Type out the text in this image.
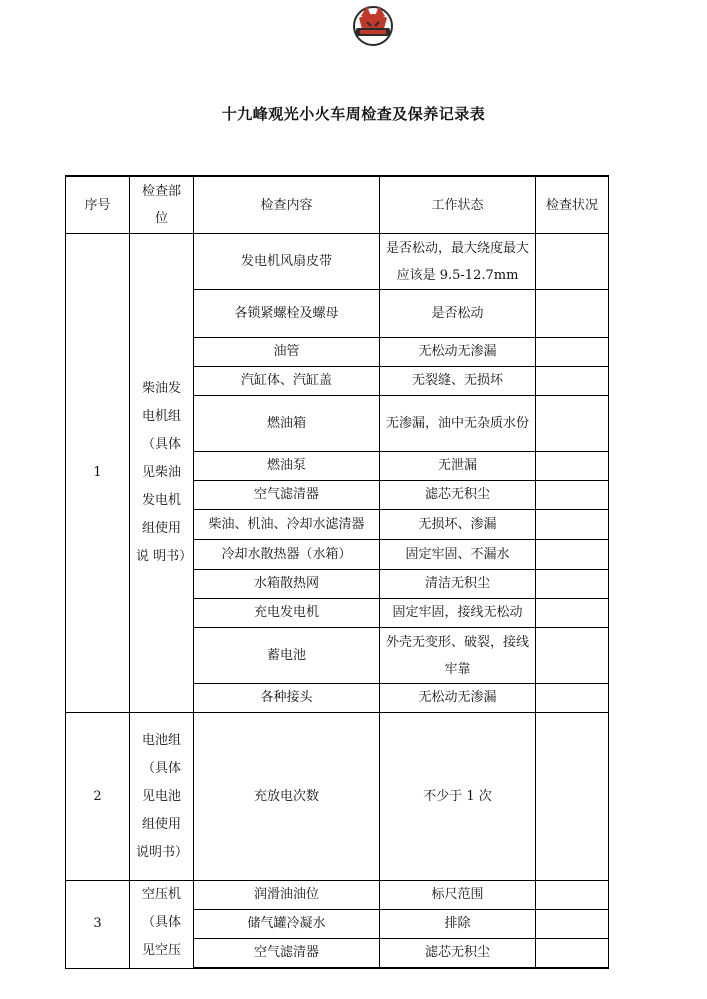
十九峰观光小火车周检查及保养记录表
序号	检查部位	检查内容	工作状态	检查状况
1	柴油发电机组（具体见柴油发电机组使用 说 明书）	发电机风扇皮带	是否松动，最大绕度最大应该是 9.5-12.7mm	
		各锁紧螺栓及螺母	是否松动	
		油管	无松动无渗漏	
		汽缸体、汽缸盖	无裂缝、无损坏	
		燃油箱	无渗漏，油中无杂质水份	
		燃油泵	无泄漏	
		空气滤清器	滤芯无积尘	
		柴油、机油、冷却水滤清器	无损坏、渗漏	
		冷却水散热器（水箱）	固定牢固、不漏水	
		水箱散热网	清洁无积尘	
		充电发电机	固定牢固，接线无松动	
		蓄电池	外壳无变形、破裂，接线牢靠	
		各种接头	无松动无渗漏	
2	电池组（具体见电池组使用说明书）	充放电次数	不少于 1 次	
3	空压机（具体见空压	润滑油油位	标尺范围	
		储气罐冷凝水	排除	
		空气滤清器	滤芯无积尘	
